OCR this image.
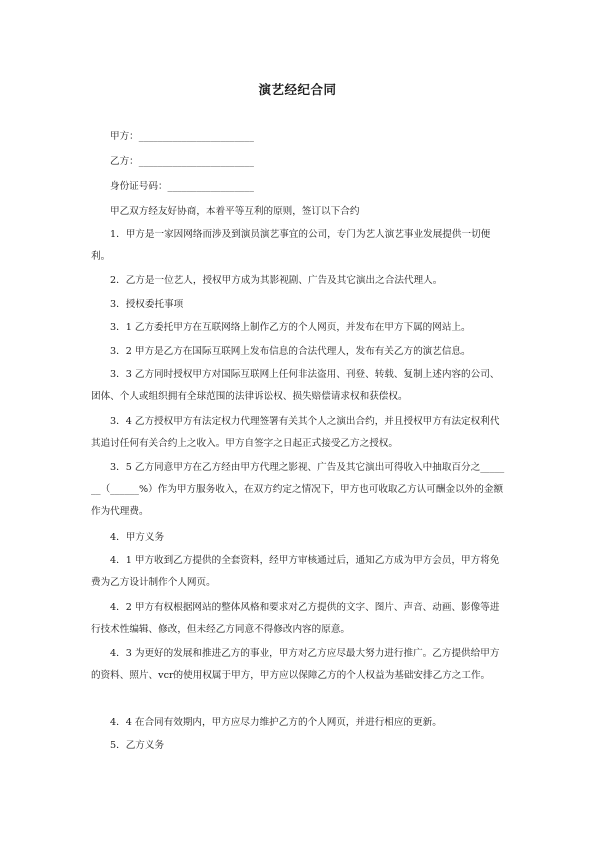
演艺经纪合同
甲方：________________________
乙方：________________________
身份证号码：__________________
甲乙双方经友好协商，本着平等互利的原则，签订以下合约
1．甲方是一家因网络而涉及到演员演艺事宜的公司，专门为艺人演艺事业发展提供一切便利。
2．乙方是一位艺人，授权甲方成为其影视剧、广告及其它演出之合法代理人。
3．授权委托事项
3．1 乙方委托甲方在互联网络上制作乙方的个人网页，并发布在甲方下属的网站上。
3．2 甲方是乙方在国际互联网上发布信息的合法代理人，发布有关乙方的演艺信息。
3．3 乙方同时授权甲方对国际互联网上任何非法盗用、刊登、转载、复制上述内容的公司、团体、个人或组织拥有全球范围的法律诉讼权、损失赔偿请求权和获偿权。
3．4 乙方授权甲方有法定权力代理签署有关其个人之演出合约，并且授权甲方有法定权利代其追讨任何有关合约上之收入。甲方自签字之日起正式接受乙方之授权。
3．5 乙方同意甲方在乙方经由甲方代理之影视、广告及其它演出可得收入中抽取百分之_______（______%）作为甲方服务收入，在双方约定之情况下，甲方也可收取乙方认可酬金以外的金额作为代理费。
4．甲方义务
4．1 甲方收到乙方提供的全套资料，经甲方审核通过后，通知乙方成为甲方会员，甲方将免费为乙方设计制作个人网页。
4．2 甲方有权根据网站的整体风格和要求对乙方提供的文字、图片、声音、动画、影像等进行技术性编辑、修改，但未经乙方同意不得修改内容的原意。
4．3 为更好的发展和推进乙方的事业，甲方对乙方应尽最大努力进行推广。乙方提供给甲方的资料、照片、vcr的使用权属于甲方，甲方应以保障乙方的个人权益为基础安排乙方之工作。
4．4 在合同有效期内，甲方应尽力维护乙方的个人网页，并进行相应的更新。
5．乙方义务
